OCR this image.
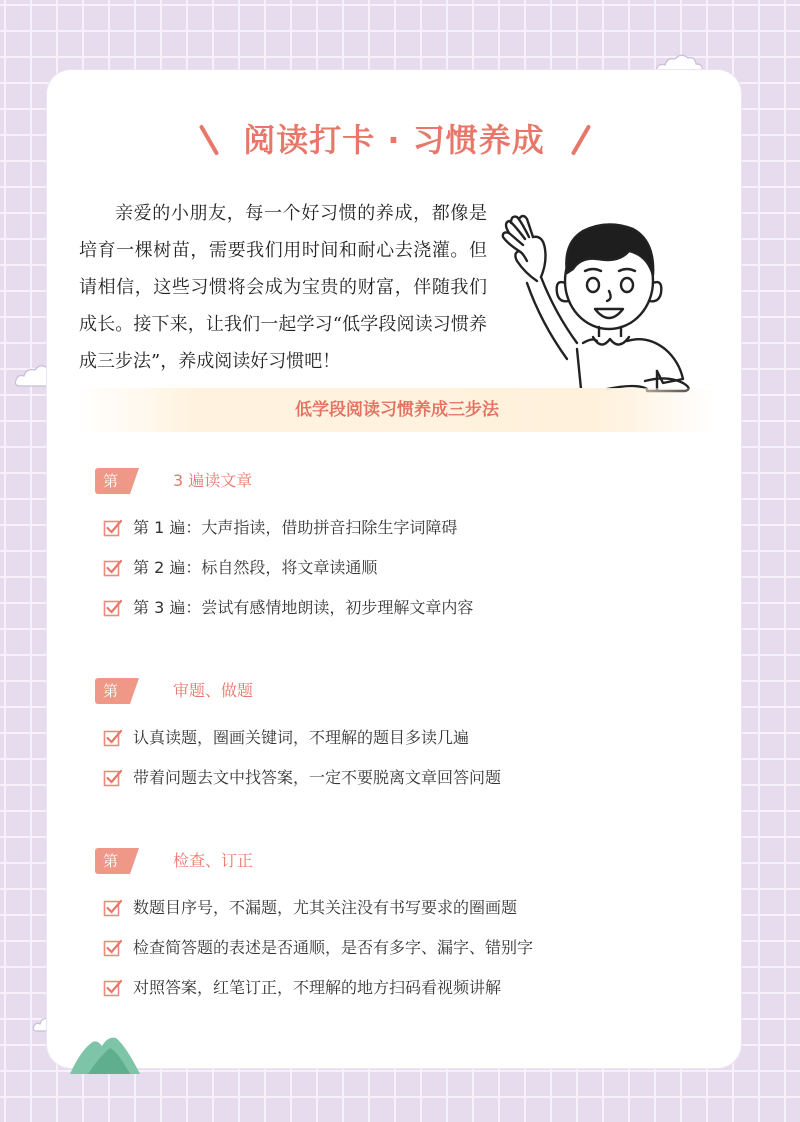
阅读打卡 · 习惯养成
亲爱的小朋友，每一个好习惯的养成，都像是培育一棵树苗，需要我们用时间和耐心去浇灌。但请相信，这些习惯将会成为宝贵的财富，伴随我们成长。接下来，让我们一起学习“低学段阅读习惯养成三步法”，养成阅读好习惯吧！
低学段阅读习惯养成三步法
第一步
3 遍读文章
第 1 遍：大声指读，借助拼音扫除生字词障碍
第 2 遍：标自然段，将文章读通顺
第 3 遍：尝试有感情地朗读，初步理解文章内容
第二步
审题、做题
认真读题，圈画关键词，不理解的题目多读几遍
带着问题去文中找答案，一定不要脱离文章回答问题
第三步
检查、订正
数题目序号，不漏题，尤其关注没有书写要求的圈画题
检查简答题的表述是否通顺，是否有多字、漏字、错别字
对照答案，红笔订正，不理解的地方扫码看视频讲解
